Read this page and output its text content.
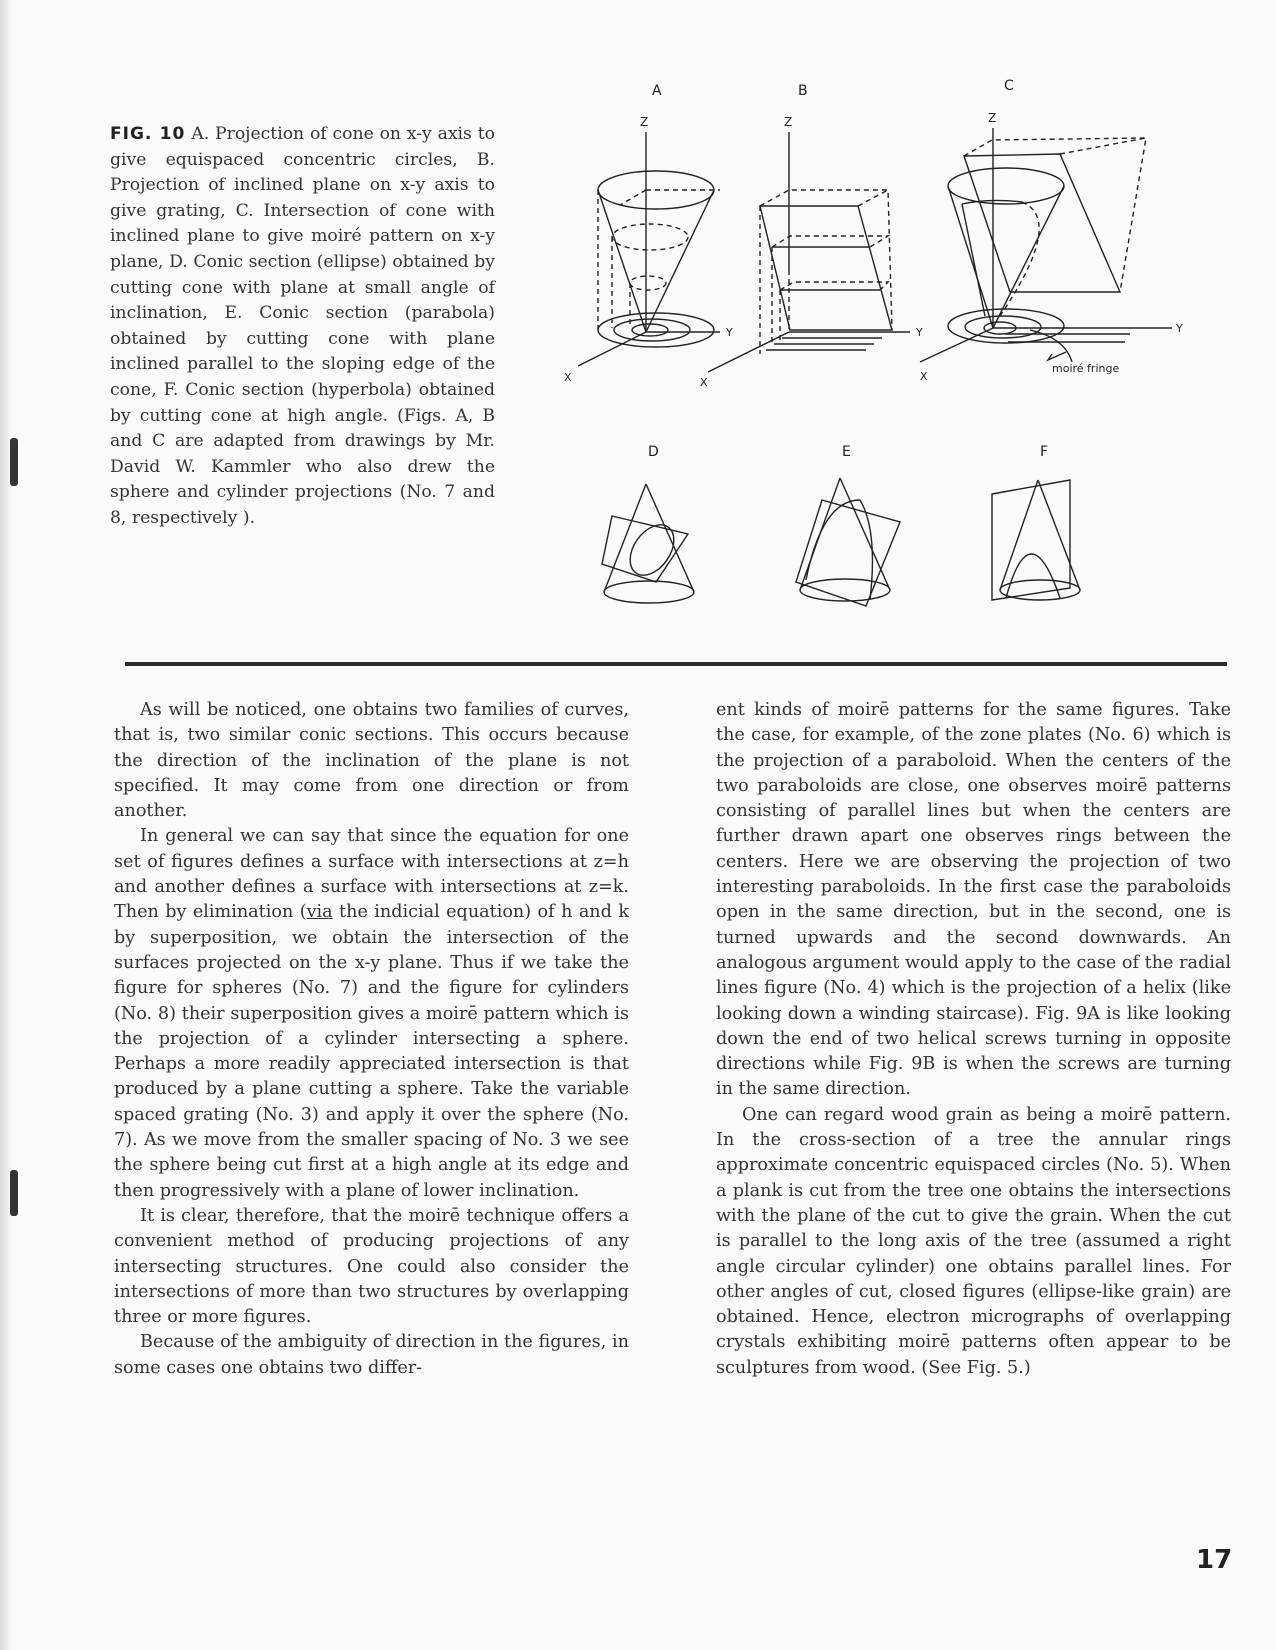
FIG. 10 A. Projection of cone on x-y axis to give equispaced concentric circles, B. Projection of inclined plane on x-y axis to give grating, C. Intersection of cone with inclined plane to give moiré pattern on x-y plane, D. Conic section (ellipse) obtained by cutting cone with plane at small angle of inclination, E. Conic section (parabola) obtained by cutting cone with plane inclined parallel to the sloping edge of the cone, F. Conic section (hyperbola) obtained by cutting cone at high angle. (Figs. A, B and C are adapted from drawings by Mr. David W. Kammler who also drew the sphere and cylinder projections (No. 7 and 8, respectively ).
A
Z
Y
X
B
Z
Y
X
C
Z
Y
X
moiré fringe
D	E	F

As will be noticed, one obtains two families of curves, that is, two similar conic sections. This occurs because the direction of the inclination of the plane is not specified. It may come from one direction or from another.

In general we can say that since the equation for one set of figures defines a surface with intersections at z=h and another defines a surface with intersections at z=k. Then by elimination (via the indicial equation) of h and k by superposition, we obtain the intersection of the surfaces projected on the x-y plane. Thus if we take the figure for spheres (No. 7) and the figure for cylinders (No. 8) their superposition gives a moirē pattern which is the projection of a cylinder intersecting a sphere. Perhaps a more readily appreciated intersection is that produced by a plane cutting a sphere. Take the variable spaced grating (No. 3) and apply it over the sphere (No. 7). As we move from the smaller spacing of No. 3 we see the sphere being cut first at a high angle at its edge and then progressively with a plane of lower inclination.

It is clear, therefore, that the moirē technique offers a convenient method of producing projections of any intersecting structures. One could also consider the intersections of more than two structures by overlapping three or more figures.

Because of the ambiguity of direction in the figures, in some cases one obtains two differ-

ent kinds of moirē patterns for the same figures. Take the case, for example, of the zone plates (No. 6) which is the projection of a paraboloid. When the centers of the two paraboloids are close, one observes moirē patterns consisting of parallel lines but when the centers are further drawn apart one observes rings between the centers. Here we are observing the projection of two interesting paraboloids. In the first case the paraboloids open in the same direction, but in the second, one is turned upwards and the second downwards. An analogous argument would apply to the case of the radial lines figure (No. 4) which is the projection of a helix (like looking down a winding staircase). Fig. 9A is like looking down the end of two helical screws turning in opposite directions while Fig. 9B is when the screws are turning in the same direction.

One can regard wood grain as being a moirē pattern. In the cross-section of a tree the annular rings approximate concentric equispaced circles (No. 5). When a plank is cut from the tree one obtains the intersections with the plane of the cut to give the grain. When the cut is parallel to the long axis of the tree (assumed a right angle circular cylinder) one obtains parallel lines. For other angles of cut, closed figures (ellipse-like grain) are obtained. Hence, electron micrographs of overlapping crystals exhibiting moirē patterns often appear to be sculptures from wood. (See Fig. 5.)

17
